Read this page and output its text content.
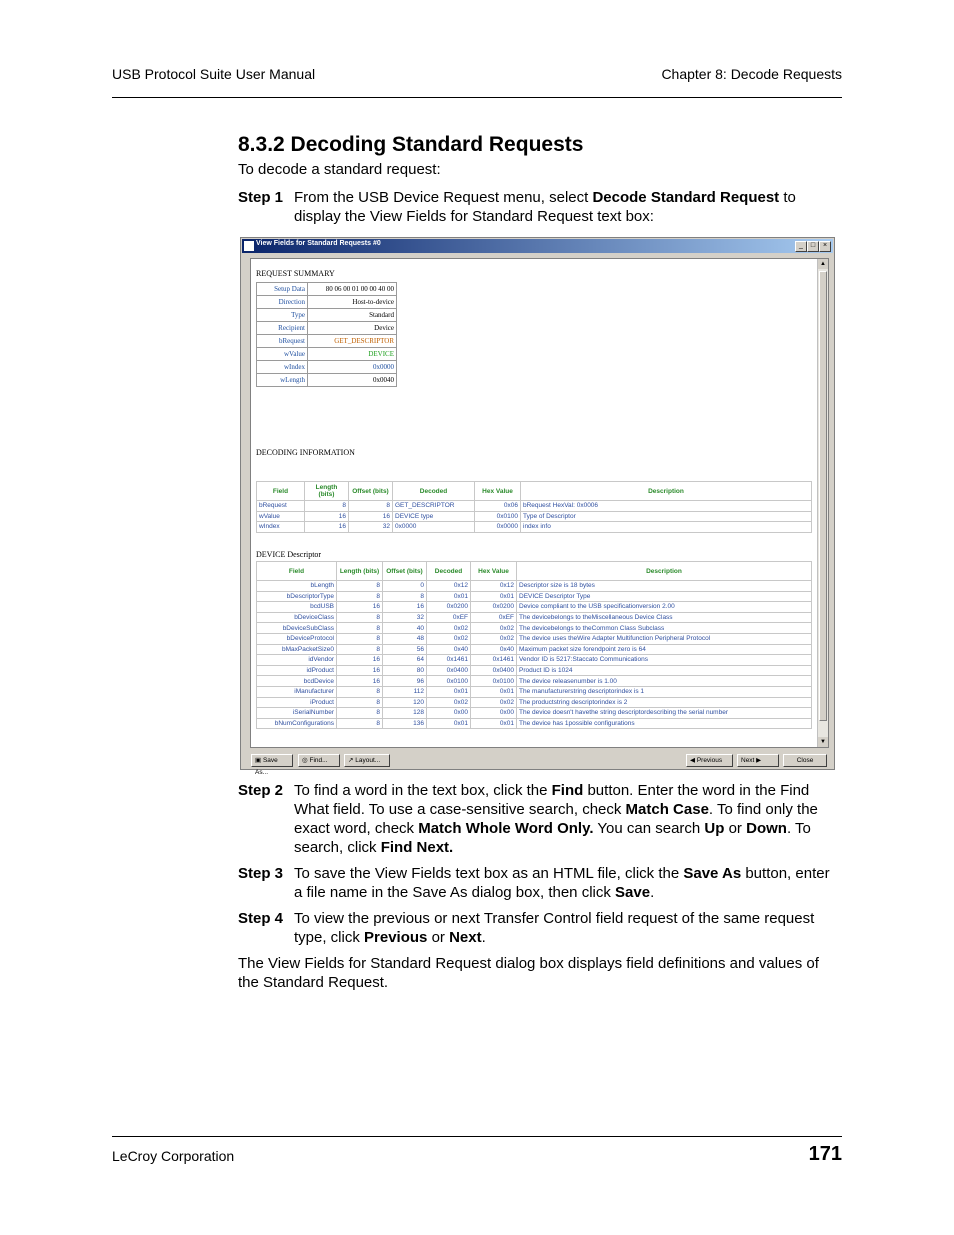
USB Protocol Suite User Manual	Chapter 8: Decode Requests
8.3.2 Decoding Standard Requests
To decode a standard request:
Step 1 From the USB Device Request menu, select Decode Standard Request to display the View Fields for Standard Request text box:
View Fields for Standard Requests #0	_	□	×
REQUEST SUMMARY
Setup Data	80 06 00 01 00 00 40 00
Direction	Host-to-device
Type	Standard
Recipient	Device
bRequest	GET_DESCRIPTOR
wValue	DEVICE
wIndex	0x0000
wLength	0x0040
DECODING INFORMATION
Field	Length (bits)	Offset (bits)	Decoded	Hex Value	Description
bRequest	8	8	GET_DESCRIPTOR	0x06	bRequest HexVal: 0x0006
wValue	16	16	DEVICE type	0x0100	Type of Descriptor
wIndex	16	32	0x0000	0x0000	index info
DEVICE Descriptor
Field	Length (bits)	Offset (bits)	Decoded	Hex Value	Description
bLength	8	0	0x12	0x12	Descriptor size is 18 bytes
bDescriptorType	8	8	0x01	0x01	DEVICE Descriptor Type
bcdUSB	16	16	0x0200	0x0200	Device compliant to the USB specificationversion 2.00
bDeviceClass	8	32	0xEF	0xEF	The devicebelongs to theMiscellaneous Device Class
bDeviceSubClass	8	40	0x02	0x02	The devicebelongs to theCommon Class Subclass
bDeviceProtocol	8	48	0x02	0x02	The device uses theWire Adapter Multifunction Peripheral Protocol
bMaxPacketSize0	8	56	0x40	0x40	Maximum packet size forendpoint zero is 64
idVendor	16	64	0x1461	0x1461	Vendor ID is 5217:Staccato Communications
idProduct	16	80	0x0400	0x0400	Product ID is 1024
bcdDevice	16	96	0x0100	0x0100	The device releasenumber is 1.00
iManufacturer	8	112	0x01	0x01	The manufacturerstring descriptorindex is 1
iProduct	8	120	0x02	0x02	The productstring descriptorindex is 2
iSerialNumber	8	128	0x00	0x00	The device doesn't havethe string descriptordescribing the serial number
bNumConfigurations	8	136	0x01	0x01	The device has 1possible configurations
▲
▼
▣ Save As...
◎ Find...	↗ Layout...	◀ Previous	Next ▶	Close
Step 2 To find a word in the text box, click the Find button. Enter the word in the Find What field. To use a case-sensitive search, check Match Case. To find only the exact word, check Match Whole Word Only. You can search Up or Down. To search, click Find Next.
Step 3 To save the View Fields text box as an HTML file, click the Save As button, enter a file name in the Save As dialog box, then click Save.
Step 4 To view the previous or next Transfer Control field request of the same request type, click Previous or Next.
The View Fields for Standard Request dialog box displays field definitions and values of the Standard Request.
LeCroy Corporation	171
